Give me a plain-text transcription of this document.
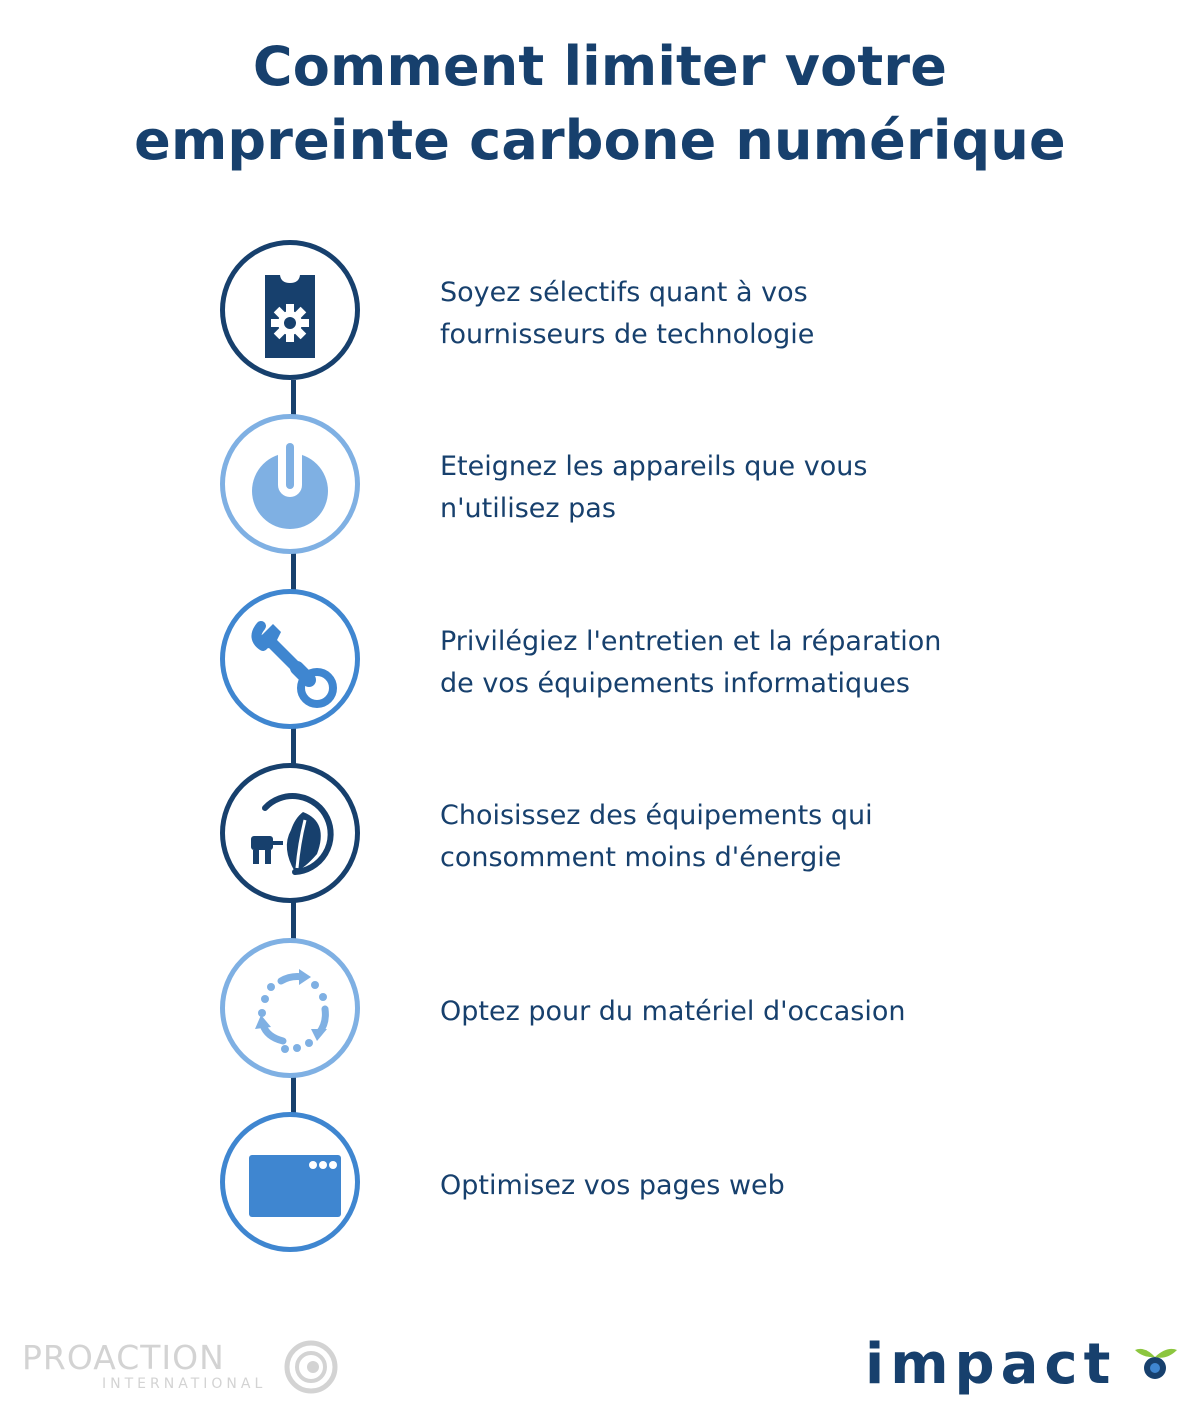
Comment limiter votre
empreinte carbone numérique
Soyez sélectifs quant à vos
fournisseurs de technologie
Eteignez les appareils que vous
n'utilisez pas
Privilégiez l'entretien et la réparation
de vos équipements informatiques
Choisissez des équipements qui
consomment moins d'énergie
Optez pour du matériel d'occasion
Optimisez vos pages web
PROACTION
INTERNATIONAL	impact
